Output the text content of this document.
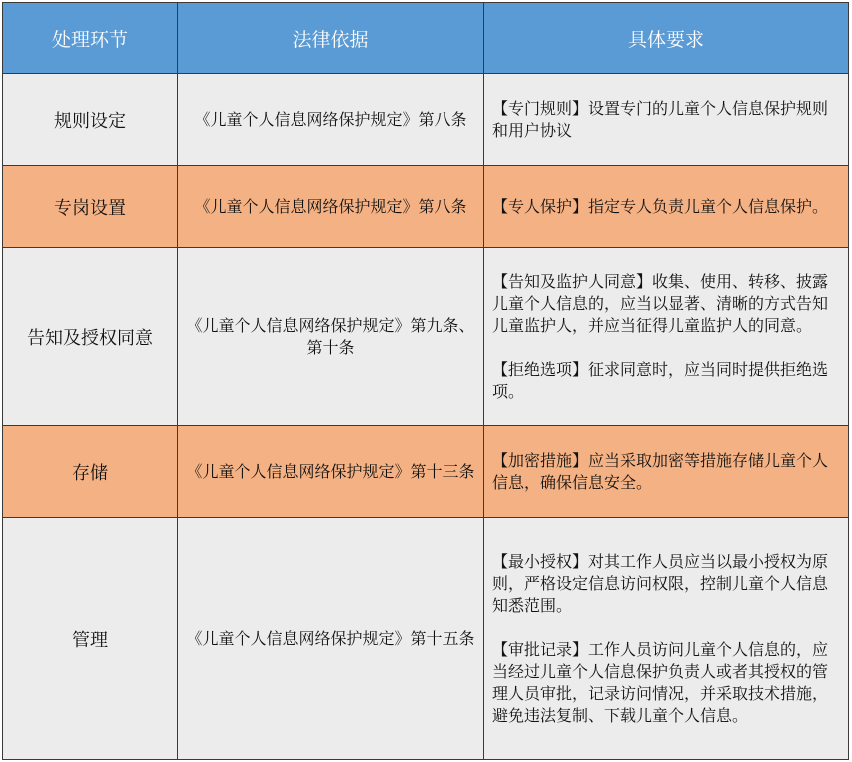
处理环节	法律依据	具体要求
规则设定	《儿童个人信息网络保护规定》第八条	【专门规则】设置专门的儿童个人信息保护规则和用户协议

专岗设置	《儿童个人信息网络保护规定》第八条	【专人保护】指定专人负责儿童个人信息保护。

告知及授权同意	《儿童个人信息网络保护规定》第九条、第十条	【告知及监护人同意】收集、使用、转移、披露儿童个人信息的，应当以显著、清晰的方式告知儿童监护人，并应当征得儿童监护人的同意。

【拒绝选项】征求同意时，应当同时提供拒绝选项。

存储	《儿童个人信息网络保护规定》第十三条	【加密措施】应当采取加密等措施存储儿童个人信息，确保信息安全。

管理	《儿童个人信息网络保护规定》第十五条	【最小授权】对其工作人员应当以最小授权为原则，严格设定信息访问权限，控制儿童个人信息知悉范围。

【审批记录】工作人员访问儿童个人信息的，应当经过儿童个人信息保护负责人或者其授权的管理人员审批，记录访问情况，并采取技术措施，避免违法复制、下载儿童个人信息。
